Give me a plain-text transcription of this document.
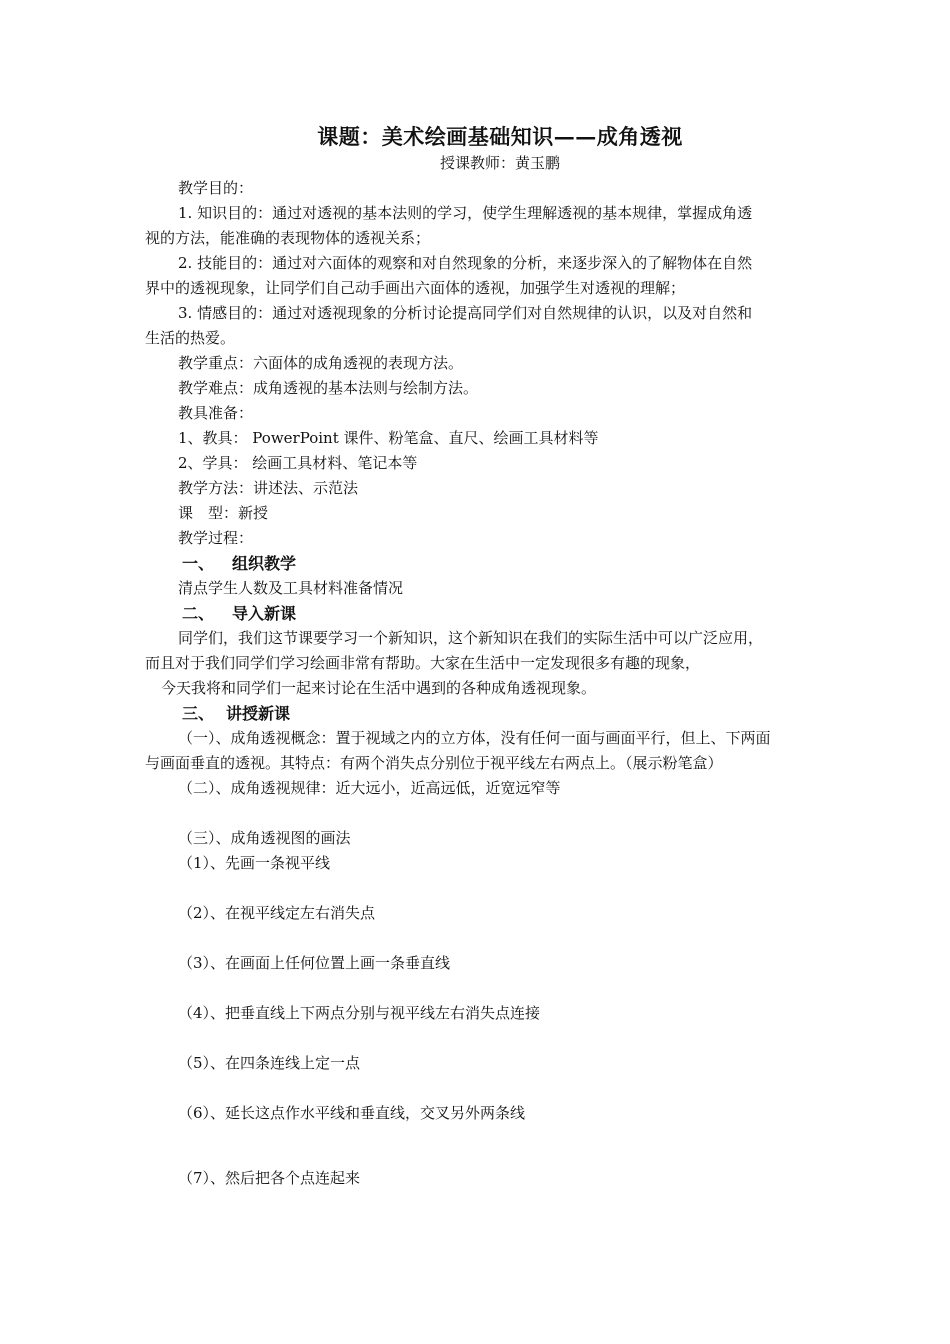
课题：美术绘画基础知识——成角透视
授课教师：黄玉鹏

教学目的：

1. 知识目的：通过对透视的基本法则的学习，使学生理解透视的基本规律，掌握成角透

视的方法，能准确的表现物体的透视关系；

2. 技能目的：通过对六面体的观察和对自然现象的分析，来逐步深入的了解物体在自然

界中的透视现象，让同学们自己动手画出六面体的透视，加强学生对透视的理解；

3. 情感目的：通过对透视现象的分析讨论提高同学们对自然规律的认识，以及对自然和

生活的热爱。

教学重点：六面体的成角透视的表现方法。

教学难点：成角透视的基本法则与绘制方法。

教具准备：

1、教具： PowerPoint 课件、粉笔盒、直尺、绘画工具材料等

2、学具： 绘画工具材料、笔记本等

教学方法：讲述法、示范法

课　型：新授

教学过程：

一、 组织教学

清点学生人数及工具材料准备情况

二、 导入新课

同学们，我们这节课要学习一个新知识，这个新知识在我们的实际生活中可以广泛应用，

而且对于我们同学们学习绘画非常有帮助。大家在生活中一定发现很多有趣的现象，

今天我将和同学们一起来讨论在生活中遇到的各种成角透视现象。

三、 讲授新课

（一）、成角透视概念：置于视域之内的立方体，没有任何一面与画面平行，但上、下两面

与画面垂直的透视。其特点：有两个消失点分别位于视平线左右两点上。（展示粉笔盒）

（二）、成角透视规律：近大远小，近高远低，近宽远窄等

（三）、成角透视图的画法

（1）、先画一条视平线

（2）、在视平线定左右消失点

（3）、在画面上任何位置上画一条垂直线

（4）、把垂直线上下两点分别与视平线左右消失点连接

（5）、在四条连线上定一点

（6）、延长这点作水平线和垂直线，交叉另外两条线

（7）、然后把各个点连起来
